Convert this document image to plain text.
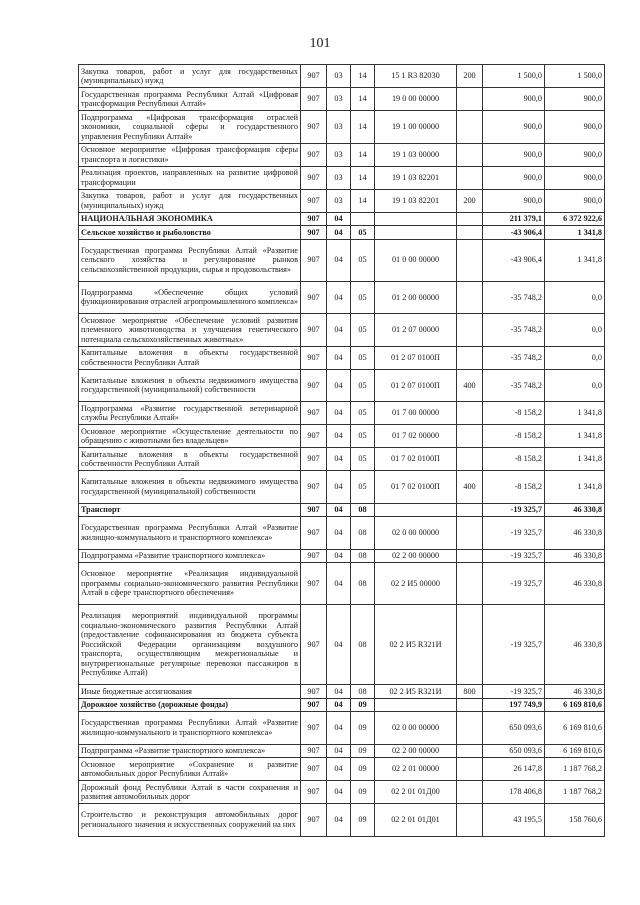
101
Закупка товаров, работ и услуг для государственных (муниципальных) нужд	907	03	14	15 1 R3 82030	200	1 500,0	1 500,0
Государственная программа Республики Алтай «Цифровая трансформация Республики Алтай»	907	03	14	19 0 00 00000		900,0	900,0
Подпрограмма «Цифровая трансформация отраслей экономики, социальной сферы и государственного управления Республики Алтай»	907	03	14	19 1 00 00000		900,0	900,0
Основное мероприятие «Цифровая трансформация сферы транспорта и логистики»	907	03	14	19 1 03 00000		900,0	900,0
Реализация проектов, направленных на развитие цифровой трансформации	907	03	14	19 1 03 82201		900,0	900,0
Закупка товаров, работ и услуг для государственных (муниципальных) нужд	907	03	14	19 1 03 82201	200	900,0	900,0
НАЦИОНАЛЬНАЯ ЭКОНОМИКА	907	04				211 379,1	6 372 922,6
Сельское хозяйство и рыболовство	907	04	05			-43 906,4	1 341,8
Государственная программа Республики Алтай «Развитие сельского хозяйства и регулирование рынков сельскохозяйственной продукции, сырья и продовольствия»	907	04	05	01 0 00 00000		-43 906,4	1 341,8
Подпрограмма «Обеспечение общих условий функционирования отраслей агропромышленного комплекса»	907	04	05	01 2 00 00000		-35 748,2	0,0
Основное мероприятие «Обеспечение условий развития племенного животноводства и улучшения генетического потенциала сельскохозяйственных животных»	907	04	05	01 2 07 00000		-35 748,2	0,0
Капитальные вложения в объекты государственной собственности Республики Алтай	907	04	05	01 2 07 0100П		-35 748,2	0,0
Капитальные вложения в объекты недвижимого имущества государственной (муниципальной) собственности	907	04	05	01 2 07 0100П	400	-35 748,2	0,0
Подпрограмма «Развитие государственной ветеринарной службы Республики Алтай»	907	04	05	01 7 00 00000		-8 158,2	1 341,8
Основное мероприятие «Осуществление деятельности по обращению с животными без владельцев»	907	04	05	01 7 02 00000		-8 158,2	1 341,8
Капитальные вложения в объекты государственной собственности Республики Алтай	907	04	05	01 7 02 0100П		-8 158,2	1 341,8
Капитальные вложения в объекты недвижимого имущества государственной (муниципальной) собственности	907	04	05	01 7 02 0100П	400	-8 158,2	1 341,8
Транспорт	907	04	08			-19 325,7	46 330,8
Государственная программа Республики Алтай «Развитие жилищно-коммунального и транспортного комплекса»	907	04	08	02 0 00 00000		-19 325,7	46 330,8
Подпрограмма «Развитие транспортного комплекса»	907	04	08	02 2 00 00000		-19 325,7	46 330,8
Основное мероприятие «Реализация индивидуальной программы социально-экономического развития Республики Алтай в сфере транспортного обеспечения»	907	04	08	02 2 И5 00000		-19 325,7	46 330,8
Реализация мероприятий индивидуальной программы социально-экономического развития Республики Алтай (предоставление софинансирования из бюджета субъекта Российской Федерации организациям воздушного транспорта, осуществляющим межрегиональные и внутрирегиональные регулярные перевозки пассажиров в Республике Алтай)	907	04	08	02 2 И5 R321И		-19 325,7	46 330,8
Иные бюджетные ассигнования	907	04	08	02 2 И5 R321И	800	-19 325,7	46 330,8
Дорожное хозяйство (дорожные фонды)	907	04	09			197 749,9	6 169 810,6
Государственная программа Республики Алтай «Развитие жилищно-коммунального и транспортного комплекса»	907	04	09	02 0 00 00000		650 093,6	6 169 810,6
Подпрограмма «Развитие транспортного комплекса»	907	04	09	02 2 00 00000		650 093,6	6 169 810,6
Основное мероприятие «Сохранение и развитие автомобильных дорог Республики Алтай»	907	04	09	02 2 01 00000		26 147,8	1 187 768,2
Дорожный фонд Республики Алтай в части сохранения и развития автомобильных дорог	907	04	09	02 2 01 01Д00		178 406,8	1 187 768,2
Строительство и реконструкция автомобильных дорог регионального значения и искусственных сооружений на них	907	04	09	02 2 01 01Д01		43 195,5	158 760,6
